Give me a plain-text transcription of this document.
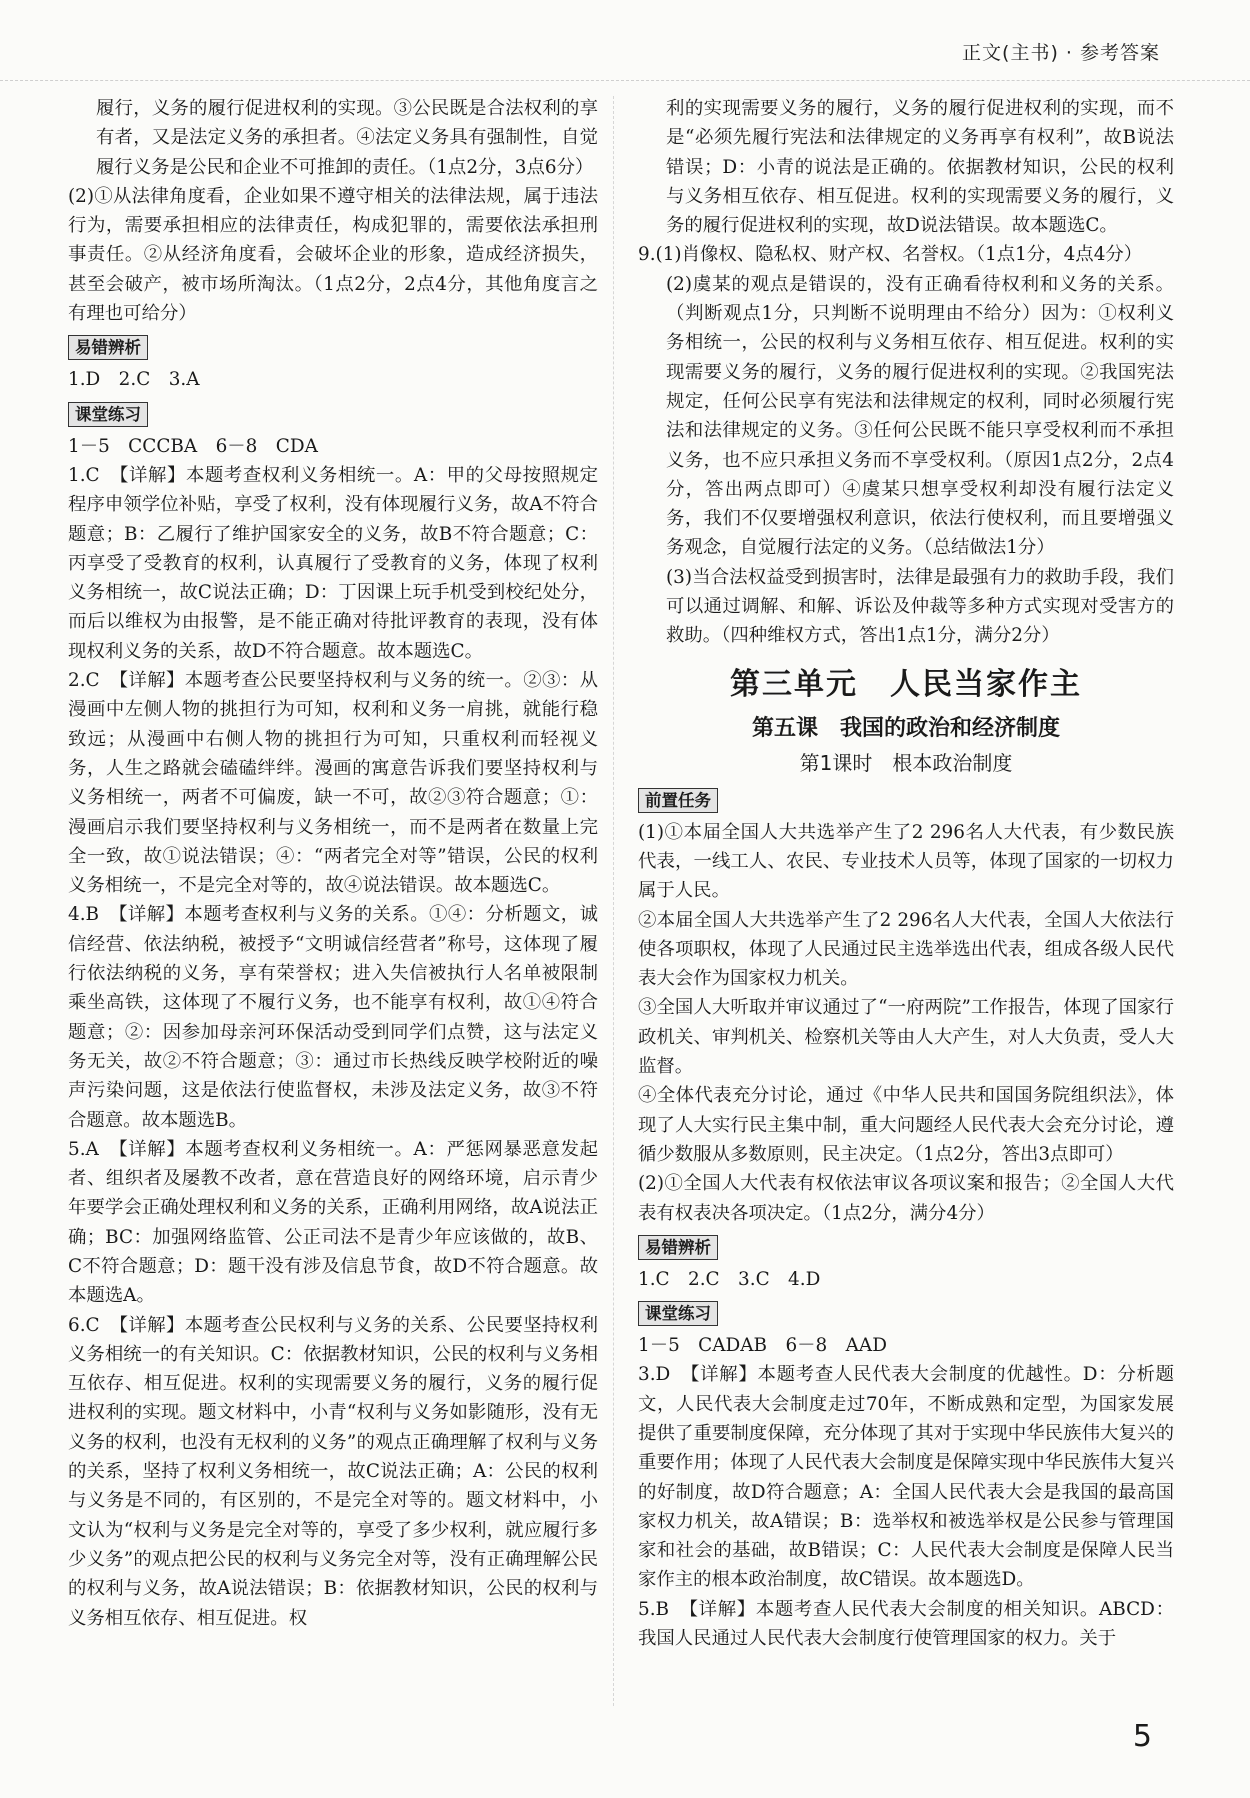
正文(主书) · 参考答案

履行，义务的履行促进权利的实现。③公民既是合法权利的享有者，又是法定义务的承担者。④法定义务具有强制性，自觉履行义务是公民和企业不可推卸的责任。（1点2分，3点6分）

(2)①从法律角度看，企业如果不遵守相关的法律法规，属于违法行为，需要承担相应的法律责任，构成犯罪的，需要依法承担刑事责任。②从经济角度看，会破坏企业的形象，造成经济损失，甚至会破产，被市场所淘汰。（1点2分，2点4分，其他角度言之有理也可给分）

易错辨析

1.D　2.C　3.A

课堂练习

1－5　CCCBA　6－8　CDA

1.C　【详解】本题考查权利义务相统一。A：甲的父母按照规定程序申领学位补贴，享受了权利，没有体现履行义务，故A不符合题意；B：乙履行了维护国家安全的义务，故B不符合题意；C：丙享受了受教育的权利，认真履行了受教育的义务，体现了权利义务相统一，故C说法正确；D：丁因课上玩手机受到校纪处分，而后以维权为由报警，是不能正确对待批评教育的表现，没有体现权利义务的关系，故D不符合题意。故本题选C。

2.C　【详解】本题考查公民要坚持权利与义务的统一。②③：从漫画中左侧人物的挑担行为可知，权利和义务一肩挑，就能行稳致远；从漫画中右侧人物的挑担行为可知，只重权利而轻视义务，人生之路就会磕磕绊绊。漫画的寓意告诉我们要坚持权利与义务相统一，两者不可偏废，缺一不可，故②③符合题意；①：漫画启示我们要坚持权利与义务相统一，而不是两者在数量上完全一致，故①说法错误；④：“两者完全对等”错误，公民的权利义务相统一，不是完全对等的，故④说法错误。故本题选C。

4.B　【详解】本题考查权利与义务的关系。①④：分析题文，诚信经营、依法纳税，被授予“文明诚信经营者”称号，这体现了履行依法纳税的义务，享有荣誉权；进入失信被执行人名单被限制乘坐高铁，这体现了不履行义务，也不能享有权利，故①④符合题意；②：因参加母亲河环保活动受到同学们点赞，这与法定义务无关，故②不符合题意；③：通过市长热线反映学校附近的噪声污染问题，这是依法行使监督权，未涉及法定义务，故③不符合题意。故本题选B。

5.A　【详解】本题考查权利义务相统一。A：严惩网暴恶意发起者、组织者及屡教不改者，意在营造良好的网络环境，启示青少年要学会正确处理权利和义务的关系，正确利用网络，故A说法正确；BC：加强网络监管、公正司法不是青少年应该做的，故B、C不符合题意；D：题干没有涉及信息节食，故D不符合题意。故本题选A。

6.C　【详解】本题考查公民权利与义务的关系、公民要坚持权利义务相统一的有关知识。C：依据教材知识，公民的权利与义务相互依存、相互促进。权利的实现需要义务的履行，义务的履行促进权利的实现。题文材料中，小青“权利与义务如影随形，没有无义务的权利，也没有无权利的义务”的观点正确理解了权利与义务的关系，坚持了权利义务相统一，故C说法正确；A：公民的权利与义务是不同的，有区别的，不是完全对等的。题文材料中，小文认为“权利与义务是完全对等的，享受了多少权利，就应履行多少义务”的观点把公民的权利与义务完全对等，没有正确理解公民的权利与义务，故A说法错误；B：依据教材知识，公民的权利与义务相互依存、相互促进。权

利的实现需要义务的履行，义务的履行促进权利的实现，而不是“必须先履行宪法和法律规定的义务再享有权利”，故B说法错误；D：小青的说法是正确的。依据教材知识，公民的权利与义务相互依存、相互促进。权利的实现需要义务的履行，义务的履行促进权利的实现，故D说法错误。故本题选C。

9.(1)肖像权、隐私权、财产权、名誉权。（1点1分，4点4分）

(2)虞某的观点是错误的，没有正确看待权利和义务的关系。（判断观点1分，只判断不说明理由不给分）因为：①权利义务相统一，公民的权利与义务相互依存、相互促进。权利的实现需要义务的履行，义务的履行促进权利的实现。②我国宪法规定，任何公民享有宪法和法律规定的权利，同时必须履行宪法和法律规定的义务。③任何公民既不能只享受权利而不承担义务，也不应只承担义务而不享受权利。（原因1点2分，2点4分，答出两点即可）④虞某只想享受权利却没有履行法定义务，我们不仅要增强权利意识，依法行使权利，而且要增强义务观念，自觉履行法定的义务。（总结做法1分）

(3)当合法权益受到损害时，法律是最强有力的救助手段，我们可以通过调解、和解、诉讼及仲裁等多种方式实现对受害方的救助。（四种维权方式，答出1点1分，满分2分）

第三单元　人民当家作主
第五课　我国的政治和经济制度
第1课时　根本政治制度
前置任务

(1)①本届全国人大共选举产生了2 296名人大代表，有少数民族代表，一线工人、农民、专业技术人员等，体现了国家的一切权力属于人民。

②本届全国人大共选举产生了2 296名人大代表，全国人大依法行使各项职权，体现了人民通过民主选举选出代表，组成各级人民代表大会作为国家权力机关。

③全国人大听取并审议通过了“一府两院”工作报告，体现了国家行政机关、审判机关、检察机关等由人大产生，对人大负责，受人大监督。

④全体代表充分讨论，通过《中华人民共和国国务院组织法》，体现了人大实行民主集中制，重大问题经人民代表大会充分讨论，遵循少数服从多数原则，民主决定。（1点2分，答出3点即可）

(2)①全国人大代表有权依法审议各项议案和报告；②全国人大代表有权表决各项决定。（1点2分，满分4分）

易错辨析

1.C　2.C　3.C　4.D

课堂练习

1－5　CADAB　6－8　AAD

3.D　【详解】本题考查人民代表大会制度的优越性。D：分析题文，人民代表大会制度走过70年，不断成熟和定型，为国家发展提供了重要制度保障，充分体现了其对于实现中华民族伟大复兴的重要作用；体现了人民代表大会制度是保障实现中华民族伟大复兴的好制度，故D符合题意；A：全国人民代表大会是我国的最高国家权力机关，故A错误；B：选举权和被选举权是公民参与管理国家和社会的基础，故B错误；C：人民代表大会制度是保障人民当家作主的根本政治制度，故C错误。故本题选D。

5.B　【详解】本题考查人民代表大会制度的相关知识。ABCD：我国人民通过人民代表大会制度行使管理国家的权力。关于

5
